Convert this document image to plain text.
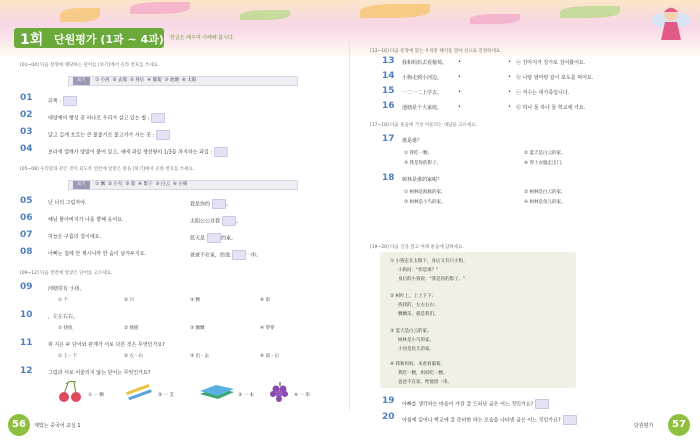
1회 단원평가 (1과 ~ 4과) 한글은 배우며 이해해 봅시다.
[01~04] 다음 설명에 해당하는 단어를 [보기]에서 골라 번호를 쓰세요.
보기 ① 小河 ② 去那 ③ 身后 ④ 葡萄 ⑤ 池塘 ⑥ 太阳
01	뒤쪽 :
02	태양계의 행성 중 하나로 우리가 살고 있는 별 :
03	달고 길게 흐르는 큰 물줄기로 물고기가 사는 곳 :
04	보라색 열매가 양말이 붙어 있고, 새에 과일 쟁선량의 1/3을 차지하는 과일 :
[05~08] 우리말과 같은 것이 되도록 빈칸에 알맞은 말을 [보기]에서 골라 번호를 쓰세요.
보기 ① 飘 ② 小鸟 ③ 寞 ④ 影子 ⑤ 白云 ⑥ 小狗
05	난 너의 그림자야.	我是你的	。
06	해님 할아버지가 나를 향해 웃어요.	太阳公公对我	。
07	하늘은 구름의 집이에요.	蓝天是	的家。
08	아빠는 집에 안 계시니까 한 숨이 남겨두지요.	爸爸不在家，给他	一串。
[09~12] 다음 빈칸에 알맞은 단어를 고르세요.
09	河塘里有 小鱼。
① 个	② 只	③ 颗	④ 串
10	，左左右右。
① 找找	② 摇摇	③ 飘飘	④ 穿穿
11	위 지은 두 단어와 관계가 서로 다른 것은 무엇인가요?
① 上 - 下	② 左 - 右	③ 出 - 去	④ 前 - 后
12	그림과 서로 어울리지 않는 단어는 무엇인가요?
① 一 颗	② 一 支	③ 一 本	④ 一 串
[13~16] 다음 문장에 맞는 우리말 해석을 찾아 선으로 연결하세요.
13 我和妈妈去看葡萄。 •	• ⓐ 강아지가 강가로 걸어왔어요.
14 小狗走到小河边。	•	• ⓑ 나랑 엄마랑 같이 포도를 먹어요.
15 一二一二上学去。	•	• ⓒ 저수는 대가족입니다.
16 池塘是个大家庭。	•	• ⓓ 하나 둘 하나 둘 학교에 가요.
[17~18] 다음 물음에 가장 어울리는 대답을 고르세요.
17 谁是谁？
① 我吃一颗。	② 蓝天是白云的家。
③ 我是你的影子。	④ 穿上衣服走出门。
18 树林是谁的家呢？
① 树林是海豚的家。	② 树林是白云的家。
③ 树林是小鸟的家。	④ 树林是鱼儿的家。
[19~20] 다음 글을 읽고 아래 물음에 답하세요.
① 小狗走在太阳下，身后又有只小狗。
小狗问："你是谁？"
身后的小狗说："我是你的影子。"
② 树叶上，上上下下；
找找的，左左右右；
飘飘乐，就是我们。
③ 蓝天是白云的家。
树林是小鸟的家。
小河是鱼儿的家。
④ 我和妈妈，来看看葡萄。
我吃一颗，妈妈吃一颗。
爸爸不在家，给他留一串。
19 아빠를 생각하는 마음이 가장 잘 드러난 글은 어느 것인가요?
20 아침에 일어나 학교에 잘 준비한 하는 모습을 나타낸 글은 어느 것인가요?
56	재밌는 중국어 교실 1	단원평가	57
